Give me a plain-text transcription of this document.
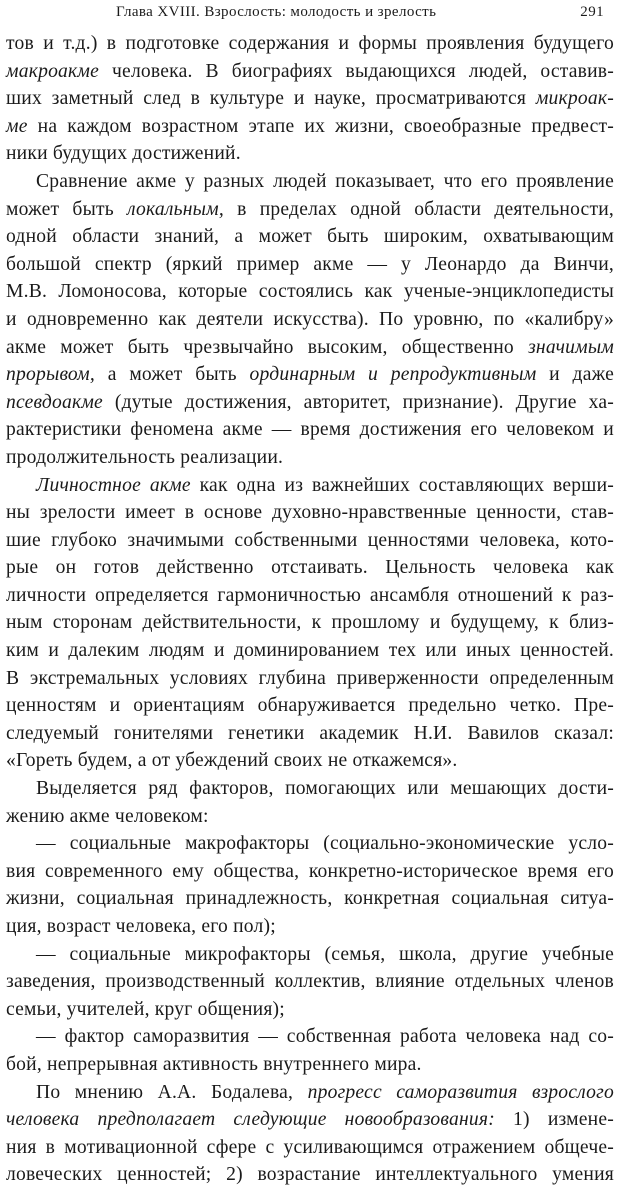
Глава XVIII. Взрослость: молодость и зрелость	291
тов и т.д.) в подготовке содержания и формы проявления будущего
макроакме человека. В биографиях выдающихся людей, оставив-
ших заметный след в культуре и науке, просматриваются микроак-
ме на каждом возрастном этапе их жизни, своеобразные предвест-
ники будущих достижений.
Сравнение акме у разных людей показывает, что его проявление
может быть локальным, в пределах одной области деятельности,
одной области знаний, а может быть широким, охватывающим
большой спектр (яркий пример акме — у Леонардо да Винчи,
М.В. Ломоносова, которые состоялись как ученые-энциклопедисты
и одновременно как деятели искусства). По уровню, по «калибру»
акме может быть чрезвычайно высоким, общественно значимым
прорывом, а может быть ординарным и репродуктивным и даже
псевдоакме (дутые достижения, авторитет, признание). Другие ха-
рактеристики феномена акме — время достижения его человеком и
продолжительность реализации.
Личностное акме как одна из важнейших составляющих верши-
ны зрелости имеет в основе духовно-нравственные ценности, став-
шие глубоко значимыми собственными ценностями человека, кото-
рые он готов действенно отстаивать. Цельность человека как
личности определяется гармоничностью ансамбля отношений к раз-
ным сторонам действительности, к прошлому и будущему, к близ-
ким и далеким людям и доминированием тех или иных ценностей.
В экстремальных условиях глубина приверженности определенным
ценностям и ориентациям обнаруживается предельно четко. Пре-
следуемый гонителями генетики академик Н.И. Вавилов сказал:
«Гореть будем, а от убеждений своих не откажемся».
Выделяется ряд факторов, помогающих или мешающих дости-
жению акме человеком:
— социальные макрофакторы (социально-экономические усло-
вия современного ему общества, конкретно-историческое время его
жизни, социальная принадлежность, конкретная социальная ситуа-
ция, возраст человека, его пол);
— социальные микрофакторы (семья, школа, другие учебные
заведения, производственный коллектив, влияние отдельных членов
семьи, учителей, круг общения);
— фактор саморазвития — собственная работа человека над со-
бой, непрерывная активность внутреннего мира.
По мнению А.А. Бодалева, прогресс саморазвития взрослого
человека предполагает следующие новообразования: 1) измене-
ния в мотивационной сфере с усиливающимся отражением общече-
ловеческих ценностей; 2) возрастание интеллектуального умения
